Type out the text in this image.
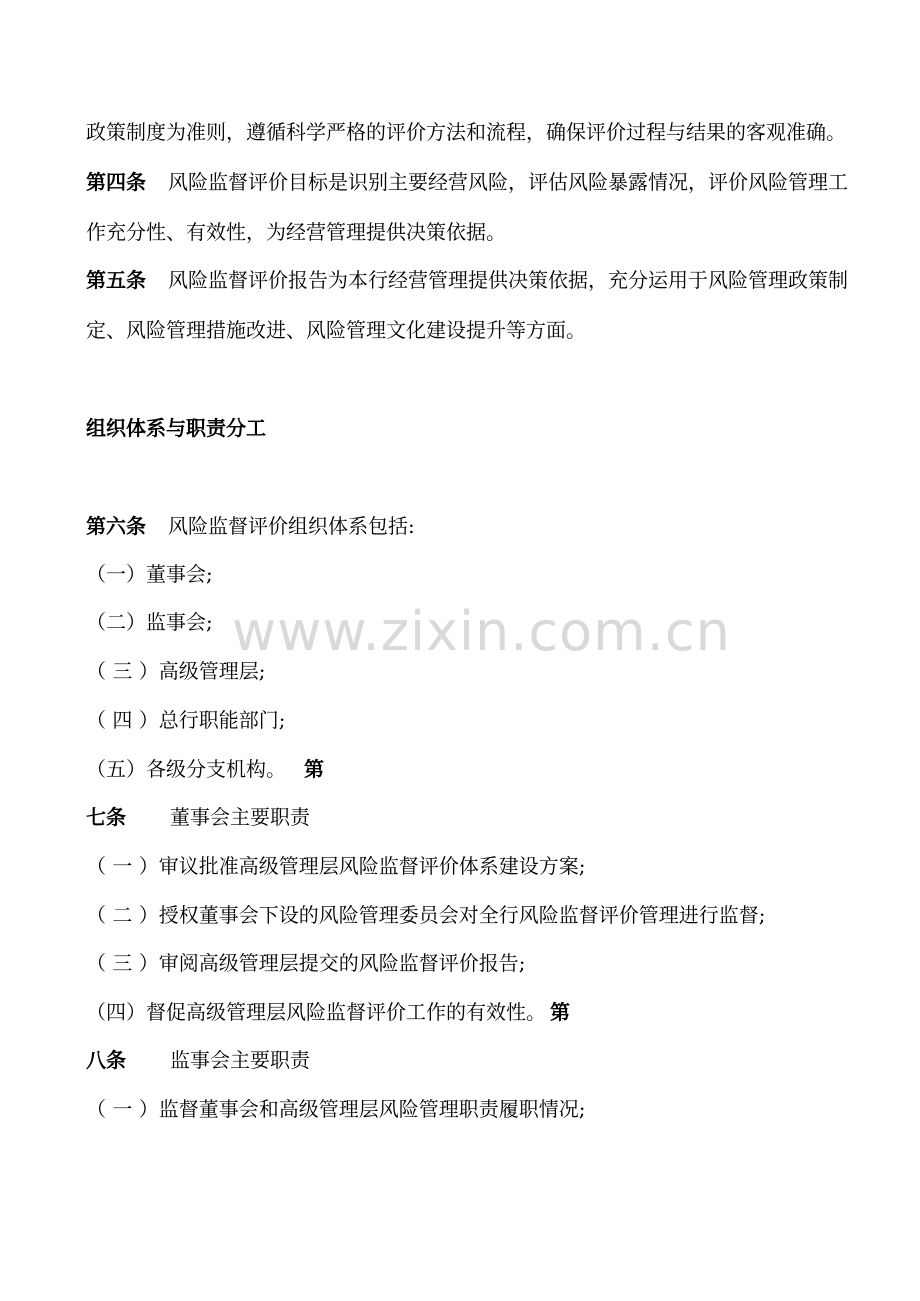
政策制度为准则，遵循科学严格的评价方法和流程，确保评价过程与结果的客观准确。
第四条 风险监督评价目标是识别主要经营风险，评估风险暴露情况，评价风险管理工
作充分性、有效性，为经营管理提供决策依据。
第五条 风险监督评价报告为本行经营管理提供决策依据，充分运用于风险管理政策制
定、风险管理措施改进、风险管理文化建设提升等方面。
组织体系与职责分工
第六条 风险监督评价组织体系包括:
（一）董事会;
（二）监事会;
（ 三 ）高级管理层;
（ 四 ）总行职能部门;
（五）各级分支机构。 第
七条 董事会主要职责
（ 一 ）审议批准高级管理层风险监督评价体系建设方案;
（ 二 ）授权董事会下设的风险管理委员会对全行风险监督评价管理进行监督;
（ 三 ）审阅高级管理层提交的风险监督评价报告;
（四）督促高级管理层风险监督评价工作的有效性。 第
八条 监事会主要职责
（ 一 ）监督董事会和高级管理层风险管理职责履职情况;
www.zixin.com.cn
